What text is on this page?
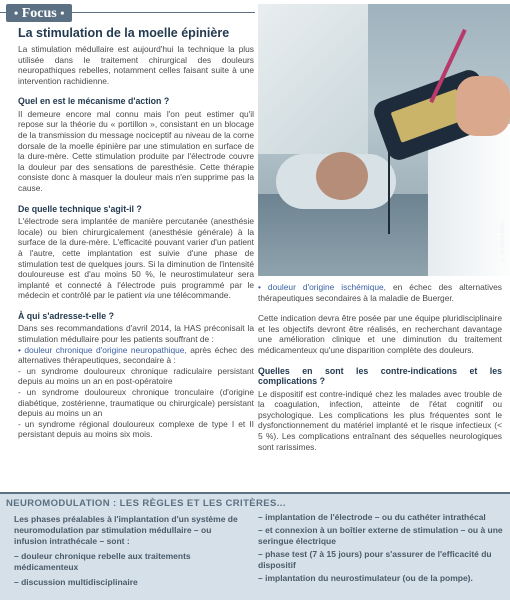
• Focus •
La stimulation de la moelle épinière

La stimulation médullaire est aujourd'hui la technique la plus utilisée dans le traitement chirurgical des douleurs neuropathiques rebelles, notamment celles faisant suite à une intervention rachidienne.

Quel en est le mécanisme d'action ?

Il demeure encore mal connu mais l'on peut estimer qu'il repose sur la théorie du « portillon », consistant en un blocage de la transmission du message nociceptif au niveau de la corne dorsale de la moelle épinière par une stimulation en surface de la dure-mère. Cette stimulation produite par l'électrode couvre la douleur par des sensations de paresthésie. Cette thérapie consiste donc à masquer la douleur mais n'en supprime pas la cause.

De quelle technique s'agit-il ?

L'électrode sera implantée de manière percutanée (anesthésie locale) ou bien chirurgicalement (anesthésie générale) à la surface de la dure-mère. L'efficacité pouvant varier d'un patient à l'autre, cette implantation est suivie d'une phase de stimulation test de quelques jours. Si la diminution de l'intensité douloureuse est d'au moins 50 %, le neurostimulateur sera implanté et connecté à l'électrode puis programmé par le médecin et contrôlé par le patient via une télécommande.

À qui s'adresse-t-elle ?
Dans ses recommandations d'avril 2014, la HAS préconisait la stimulation médullaire pour les patients souffrant de :
• douleur chronique d'origine neuropathique, après échec des alternatives thérapeutiques, secondaire à :
- un syndrome douloureux chronique radiculaire persistant depuis au moins un an en post-opératoire
- un syndrome douloureux chronique tronculaire (d'origine diabétique, zostérienne, traumatique ou chirurgicale) persistant depuis au moins un an
- un syndrome régional douloureux complexe de type I et II persistant depuis au moins six mois.
© Jonathan Baker

• douleur d'origine ischémique, en échec des alternatives thérapeutiques secondaires à la maladie de Buerger.

Cette indication devra être posée par une équipe pluridisciplinaire et les objectifs devront être réalisés, en recherchant davantage une amélioration clinique et une diminution du traitement médicamenteux qu'une disparition complète des douleurs.

Quelles en sont les contre-indications et les complications ?

Le dispositif est contre-indiqué chez les malades avec trouble de la coagulation, infection, atteinte de l'état cognitif ou psychologique. Les complications les plus fréquentes sont le dysfonctionnement du matériel implanté et le risque infectieux (< 5 %). Les complications entraînant des séquelles neurologiques sont rarissimes.

NEUROMODULATION : LES RÈGLES ET LES CRITÈRES...

Les phases préalables à l'implantation d'un système de neuromodulation par stimulation médullaire – ou infusion intrathécale – sont :

– douleur chronique rebelle aux traitements médicamenteux

– discussion multidisciplinaire

– implantation de l'électrode – ou du cathéter intrathécal

– et connexion à un boîtier externe de stimulation – ou à une seringue électrique

– phase test (7 à 15 jours) pour s'assurer de l'efficacité du dispositif

– implantation du neurostimulateur (ou de la pompe).
